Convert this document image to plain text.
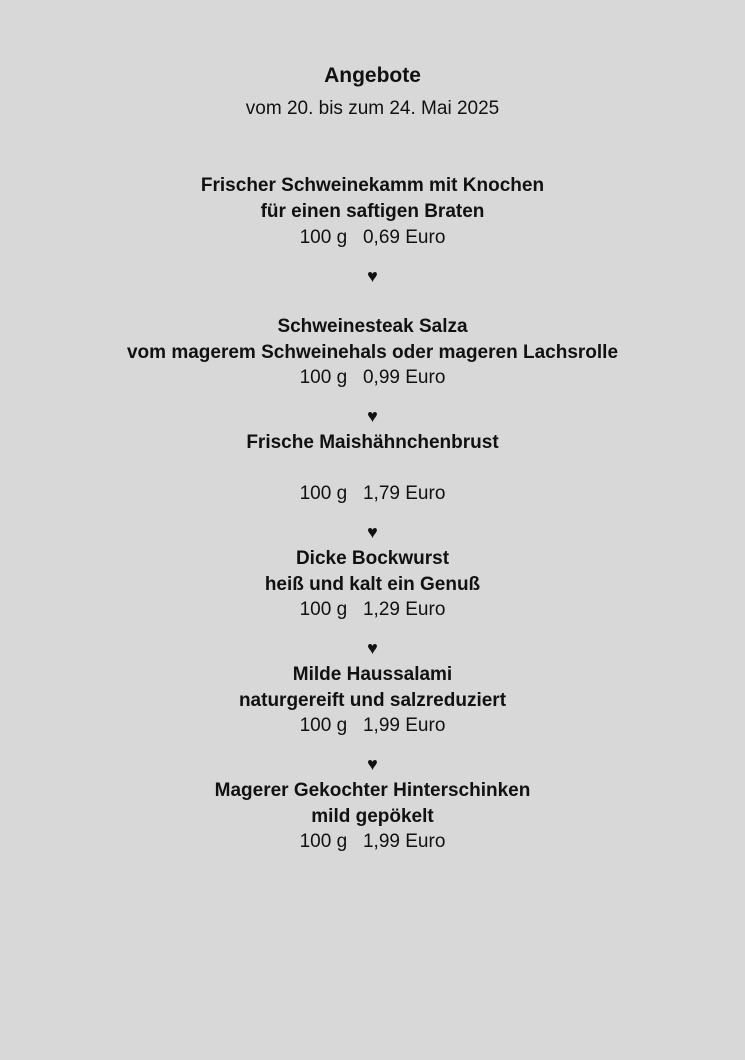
Angebote
vom 20. bis zum 24. Mai 2025
Frischer Schweinekamm mit Knochen
für einen saftigen Braten
100 g   0,69 Euro
♥
Schweinesteak Salza
vom magerem Schweinehals oder mageren Lachsrolle
100 g   0,99 Euro
♥
Frische Maishähnchenbrust
100 g   1,79 Euro
♥
Dicke Bockwurst
heiß und kalt ein Genuß
100 g   1,29 Euro
♥
Milde Haussalami
naturgereift und salzreduziert
100 g   1,99 Euro
♥
Magerer Gekochter Hinterschinken
mild gepökelt
100 g   1,99 Euro
